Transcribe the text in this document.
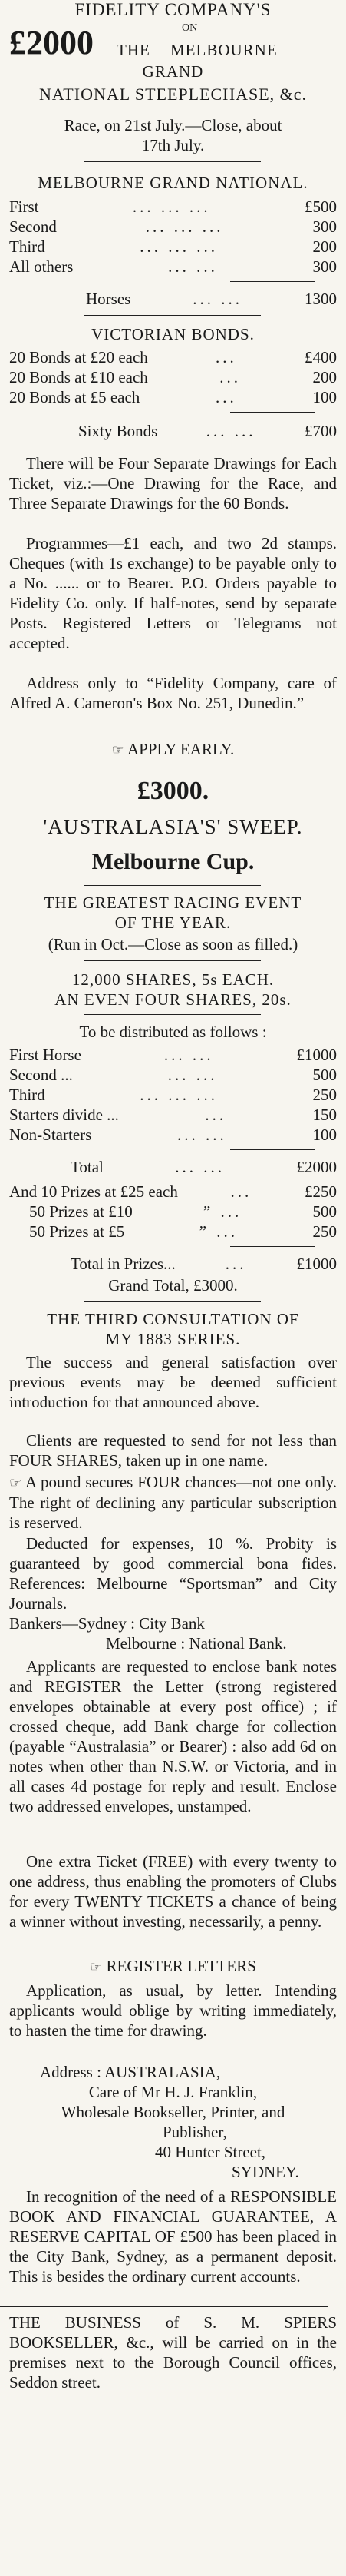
FIDELITY COMPANY'S
£2000	ON
THE MELBOURNE
GRAND
NATIONAL STEEPLECHASE, &c.
Race, on 21st July.—Close, about
17th July.
MELBOURNE GRAND NATIONAL.
First	... ... ...	£500
Second	... ... ...	300
Third	... ... ...	200
All others	... ...	300
Horses	... ...	1300
VICTORIAN BONDS.
20 Bonds at £20 each	...	£400
20 Bonds at £10 each	...	200
20 Bonds at £5 each	...	100
Sixty Bonds	... ...	£700
There will be Four Separate Drawings for Each Ticket, viz.:—One Drawing for the Race, and Three Separate Drawings for the 60 Bonds.
Programmes—£1 each, and two 2d stamps. Cheques (with 1s exchange) to be payable only to a No. ...... or to Bearer. P.O. Orders payable to Fidelity Co. only. If half-notes, send by separate Posts. Registered Letters or Telegrams not accepted.
Address only to “Fidelity Company, care of Alfred A. Cameron's Box No. 251, Dunedin.”
☞ APPLY EARLY.
£3000.
'AUSTRALASIA'S' SWEEP.
Melbourne Cup.
THE GREATEST RACING EVENT
OF THE YEAR.
(Run in Oct.—Close as soon as filled.)
12,000 SHARES, 5s EACH.
AN EVEN FOUR SHARES, 20s.
To be distributed as follows :
First Horse	... ...	£1000
Second ...	... ...	500
Third	... ... ...	250
Starters divide ...	...	150
Non-Starters	... ...	100
Total	... ...	£2000
And 10 Prizes at £25 each	...	£250
50 Prizes at £10	” ...	500
50 Prizes at £5	” ...	250
Total in Prizes...	...	£1000
Grand Total, £3000.
THE THIRD CONSULTATION OF
MY 1883 SERIES.
The success and general satisfaction over previous events may be deemed sufficient introduction for that announced above.
Clients are requested to send for not less than FOUR SHARES, taken up in one name.
☞ A pound secures FOUR chances—not one only. The right of declining any particular subscription is reserved.
Deducted for expenses, 10 %. Probity is guaranteed by good commercial bona fides. References: Melbourne “Sportsman” and City Journals.
Bankers—Sydney : City Bank
Melbourne : National Bank.
Applicants are requested to enclose bank notes and REGISTER the Letter (strong registered envelopes obtainable at every post office) ; if crossed cheque, add Bank charge for collection (payable “Australasia” or Bearer) : also add 6d on notes when other than N.S.W. or Victoria, and in all cases 4d postage for reply and result. Enclose two addressed envelopes, unstamped.
One extra Ticket (FREE) with every twenty to one address, thus enabling the promoters of Clubs for every TWENTY TICKETS a chance of being a winner without investing, necessarily, a penny.
☞ REGISTER LETTERS
Application, as usual, by letter. Intending applicants would oblige by writing immediately, to hasten the time for drawing.
Address : AUSTRALASIA,
Care of Mr H. J. Franklin,
Wholesale Bookseller, Printer, and
Publisher,
40 Hunter Street,
SYDNEY.
In recognition of the need of a RESPONSIBLE BOOK AND FINANCIAL GUARANTEE, A RESERVE CAPITAL OF £500 has been placed in the City Bank, Sydney, as a permanent deposit. This is besides the ordinary current accounts.
THE BUSINESS of S. M. SPIERS BOOKSELLER, &c., will be carried on in the premises next to the Borough Council offices, Seddon street.
